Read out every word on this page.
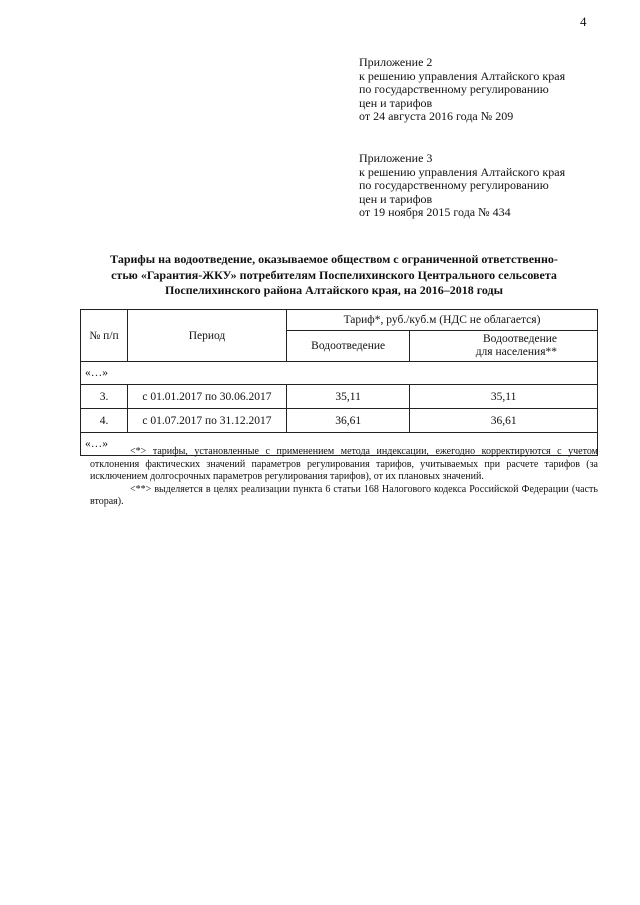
4
Приложение 2
к решению управления Алтайского края
по государственному регулированию
цен и тарифов
от 24 августа 2016 года № 209
Приложение 3
к решению управления Алтайского края
по государственному регулированию
цен и тарифов
от 19 ноября 2015 года № 434
Тарифы на водоотведение, оказываемое обществом с ограниченной ответственно-
стью «Гарантия-ЖКУ» потребителям Поспелихинского Центрального сельсовета
Поспелихинского района Алтайского края, на 2016–2018 годы
№ п/п	Период	Тариф*, руб./куб.м (НДС не облагается)	
		Водоотведение	Водоотведение
для населения**

«…»			
3.	с 01.01.2017 по 30.06.2017	35,11	35,11
4.	с 01.07.2017 по 31.12.2017	36,61	36,61
«…»			

<*> тарифы, установленные с применением метода индексации, ежегодно корректируются с учетом отклонения фактических значений параметров регулирования тарифов, учитываемых при расчете тарифов (за исключением долгосрочных параметров регулирования тарифов), от их плановых значений.

<**> выделяется в целях реализации пункта 6 статьи 168 Налогового кодекса Российской Федерации (часть вторая).
